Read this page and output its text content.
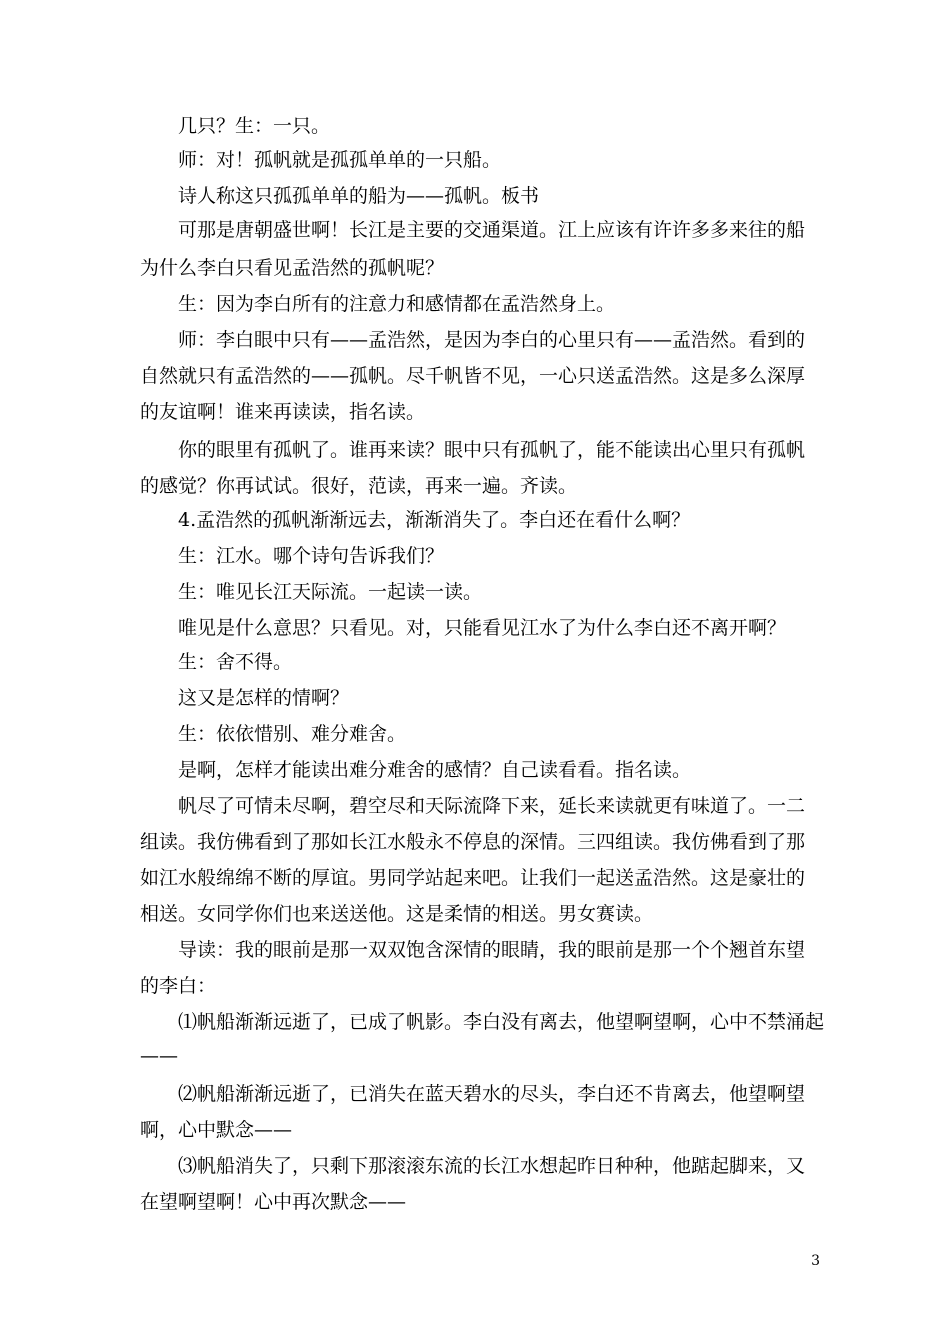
几只？生：一只。
师：对！孤帆就是孤孤单单的一只船。
诗人称这只孤孤单单的船为——孤帆。板书
可那是唐朝盛世啊！长江是主要的交通渠道。江上应该有许许多多来往的船
为什么李白只看见孟浩然的孤帆呢？
生：因为李白所有的注意力和感情都在孟浩然身上。
师：李白眼中只有——孟浩然，是因为李白的心里只有——孟浩然。看到的
自然就只有孟浩然的——孤帆。尽千帆皆不见，一心只送孟浩然。这是多么深厚
的友谊啊！谁来再读读，指名读。
你的眼里有孤帆了。谁再来读？眼中只有孤帆了，能不能读出心里只有孤帆
的感觉？你再试试。很好，范读，再来一遍。齐读。
4.孟浩然的孤帆渐渐远去，渐渐消失了。李白还在看什么啊？
生：江水。哪个诗句告诉我们？
生：唯见长江天际流。一起读一读。
唯见是什么意思？只看见。对，只能看见江水了为什么李白还不离开啊？
生：舍不得。
这又是怎样的情啊？
生：依依惜别、难分难舍。
是啊，怎样才能读出难分难舍的感情？自己读看看。指名读。
帆尽了可情未尽啊，碧空尽和天际流降下来，延长来读就更有味道了。一二
组读。我仿佛看到了那如长江水般永不停息的深情。三四组读。我仿佛看到了那
如江水般绵绵不断的厚谊。男同学站起来吧。让我们一起送孟浩然。这是豪壮的
相送。女同学你们也来送送他。这是柔情的相送。男女赛读。
导读：我的眼前是那一双双饱含深情的眼睛，我的眼前是那一个个翘首东望
的李白：
⑴帆船渐渐远逝了，已成了帆影。李白没有离去，他望啊望啊，心中不禁涌起
——
⑵帆船渐渐远逝了，已消失在蓝天碧水的尽头，李白还不肯离去，他望啊望
啊，心中默念——
⑶帆船消失了，只剩下那滚滚东流的长江水想起昨日种种，他踮起脚来，又
在望啊望啊！心中再次默念——
3
